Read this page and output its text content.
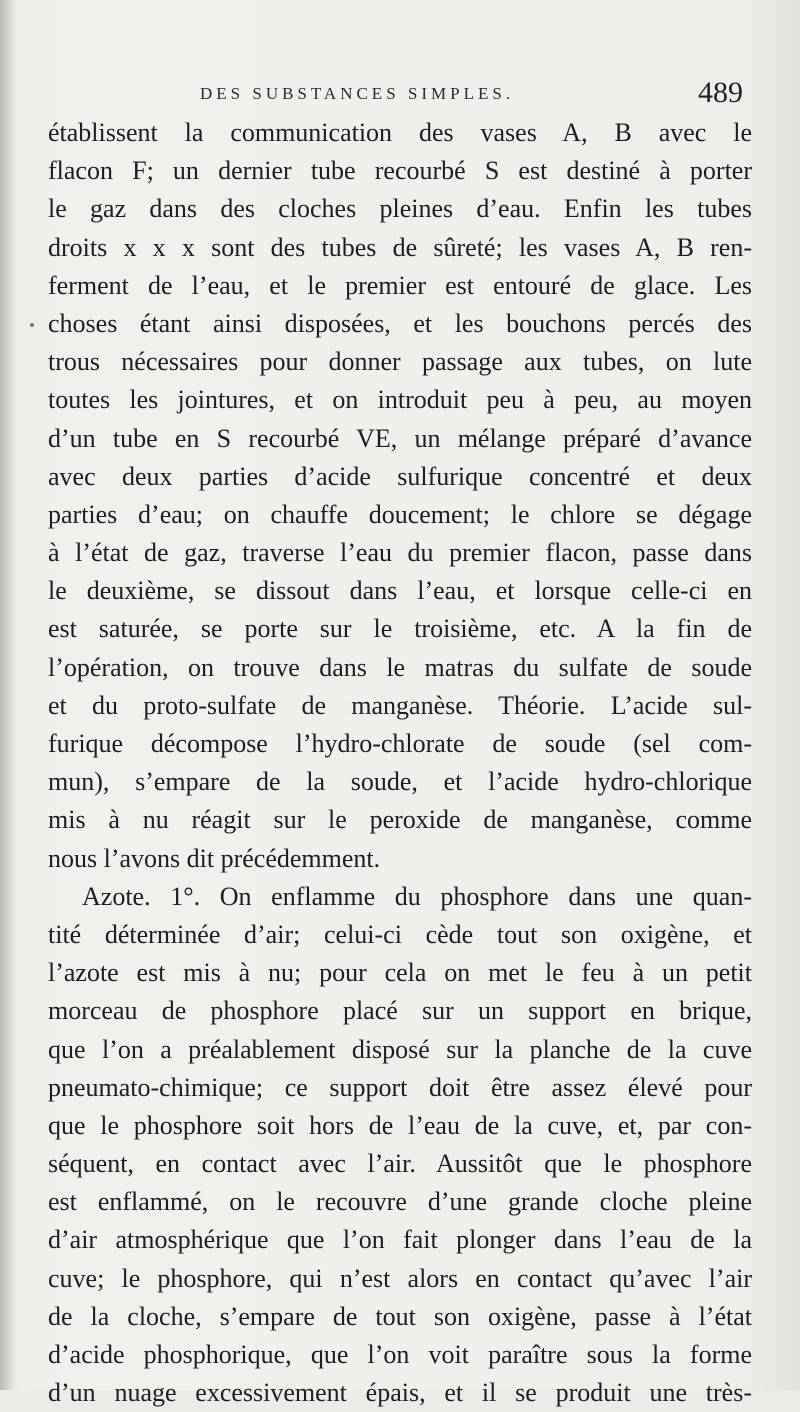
DES SUBSTANCES SIMPLES.	489
établissent la communication des vases A, B avec le
flacon F; un dernier tube recourbé S est destiné à porter
le gaz dans des cloches pleines d’eau. Enfin les tubes
droits x x x sont des tubes de sûreté; les vases A, B ren-
ferment de l’eau, et le premier est entouré de glace. Les
choses étant ainsi disposées, et les bouchons percés des
trous nécessaires pour donner passage aux tubes, on lute
toutes les jointures, et on introduit peu à peu, au moyen
d’un tube en S recourbé VE, un mélange préparé d’avance
avec deux parties d’acide sulfurique concentré et deux
parties d’eau; on chauffe doucement; le chlore se dégage
à l’état de gaz, traverse l’eau du premier flacon, passe dans
le deuxième, se dissout dans l’eau, et lorsque celle-ci en
est saturée, se porte sur le troisième, etc. A la fin de
l’opération, on trouve dans le matras du sulfate de soude
et du proto-sulfate de manganèse. Théorie. L’acide sul-
furique décompose l’hydro-chlorate de soude (sel com-
mun), s’empare de la soude, et l’acide hydro-chlorique
mis à nu réagit sur le peroxide de manganèse, comme
nous l’avons dit précédemment.
Azote. 1°. On enflamme du phosphore dans une quan-
tité déterminée d’air; celui-ci cède tout son oxigène, et
l’azote est mis à nu; pour cela on met le feu à un petit
morceau de phosphore placé sur un support en brique,
que l’on a préalablement disposé sur la planche de la cuve
pneumato-chimique; ce support doit être assez élevé pour
que le phosphore soit hors de l’eau de la cuve, et, par con-
séquent, en contact avec l’air. Aussitôt que le phosphore
est enflammé, on le recouvre d’une grande cloche pleine
d’air atmosphérique que l’on fait plonger dans l’eau de la
cuve; le phosphore, qui n’est alors en contact qu’avec l’air
de la cloche, s’empare de tout son oxigène, passe à l’état
d’acide phosphorique, que l’on voit paraître sous la forme
d’un nuage excessivement épais, et il se produit une très-
